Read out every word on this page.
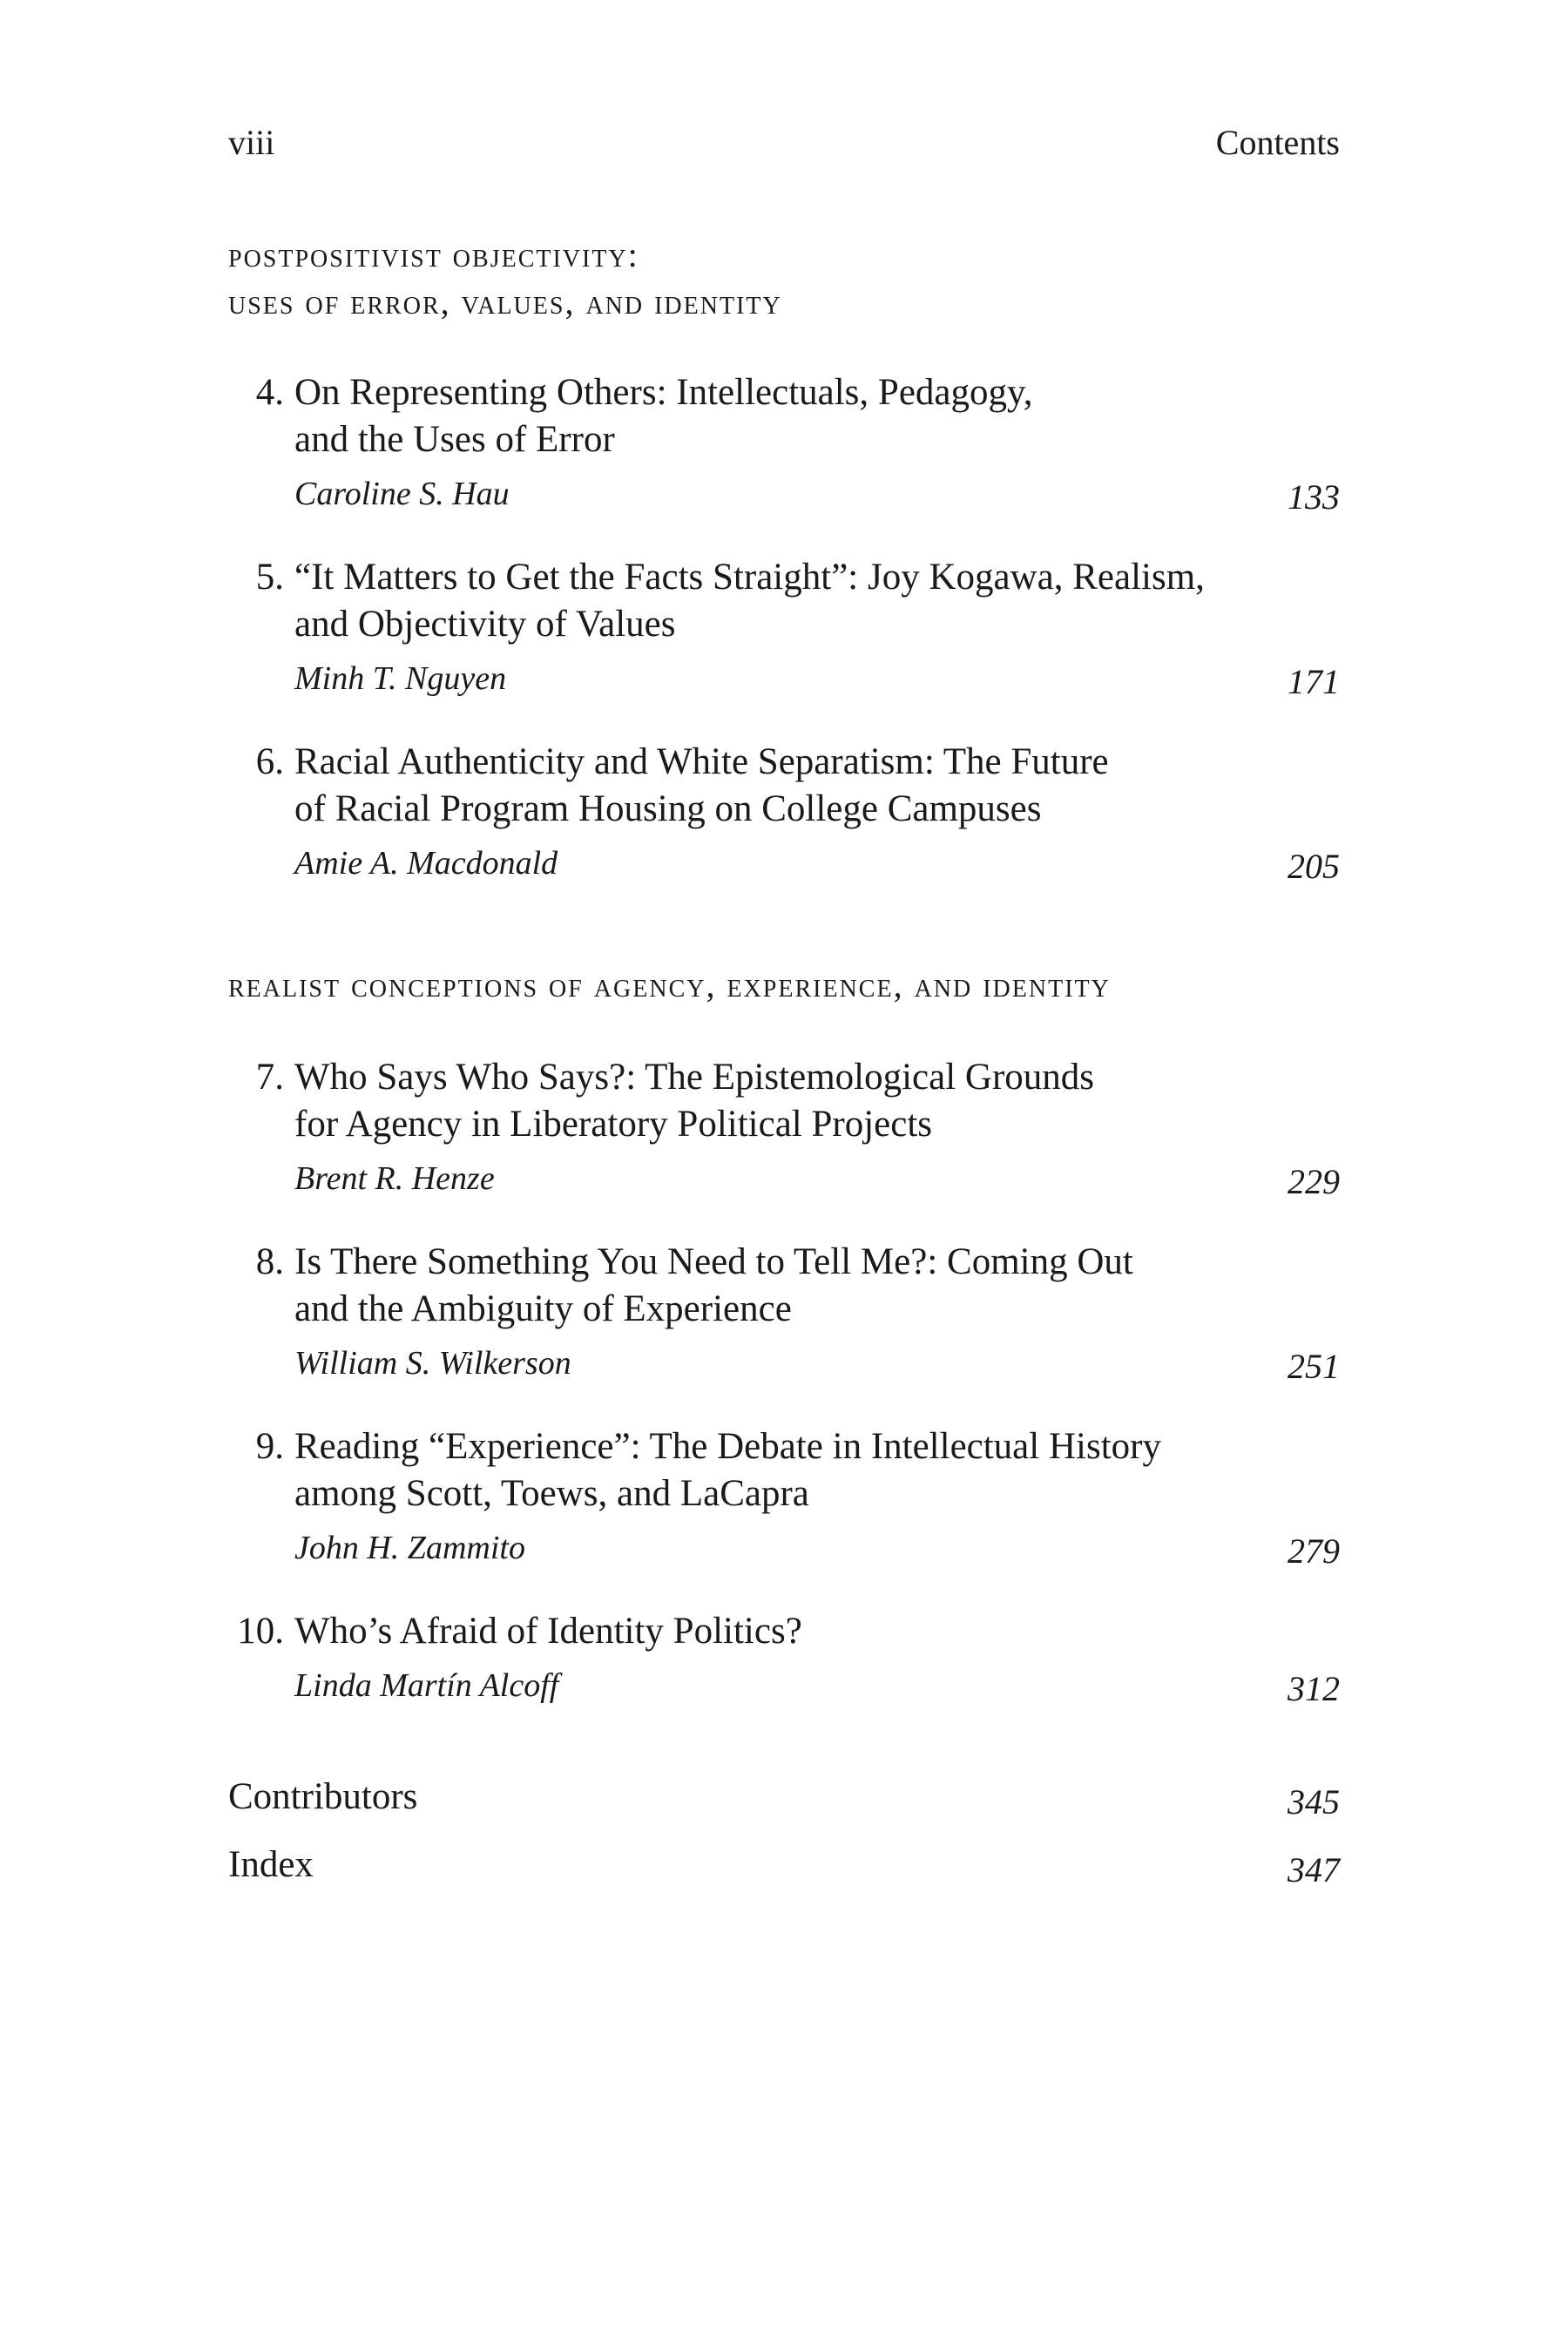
viii	Contents
postpositivist objectivity:
uses of error, values, and identity
4. On Representing Others: Intellectuals, Pedagogy,
and the Uses of Error
Caroline S. Hau	133
5. “It Matters to Get the Facts Straight”: Joy Kogawa, Realism,
and Objectivity of Values
Minh T. Nguyen	171
6. Racial Authenticity and White Separatism: The Future
of Racial Program Housing on College Campuses
Amie A. Macdonald	205
realist conceptions of agency, experience, and identity
7. Who Says Who Says?: The Epistemological Grounds
for Agency in Liberatory Political Projects
Brent R. Henze	229
8. Is There Something You Need to Tell Me?: Coming Out
and the Ambiguity of Experience
William S. Wilkerson	251
9. Reading “Experience”: The Debate in Intellectual History
among Scott, Toews, and LaCapra
John H. Zammito	279
10. Who’s Afraid of Identity Politics?
Linda Martín Alcoff	312
Contributors	345
Index	347
